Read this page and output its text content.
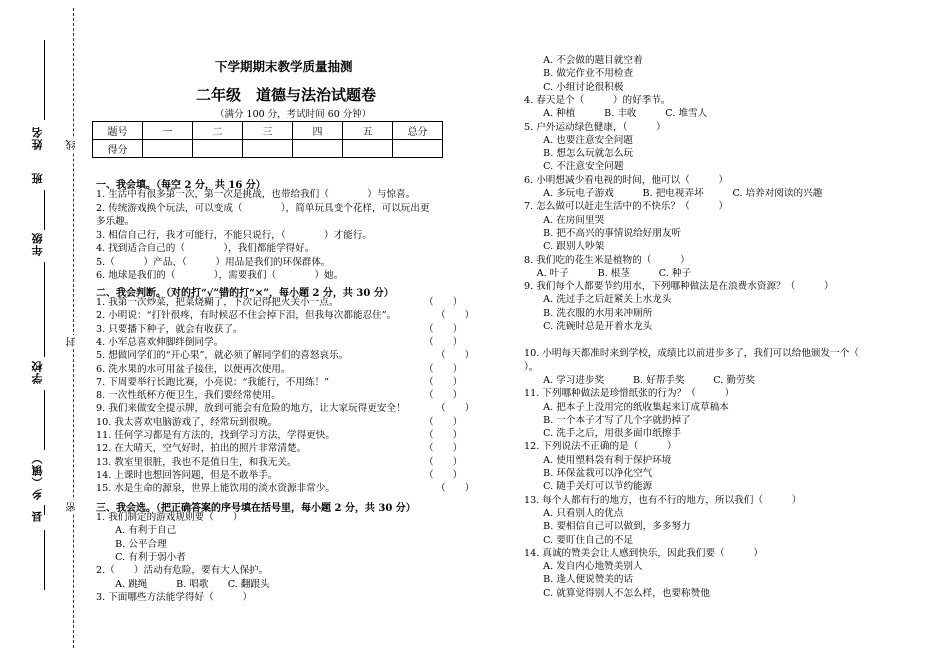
姓名
班
年级
学校
乡（镇）
县
线
封
密
下学期期末教学质量抽测
二年级　道德与法治试题卷
（满分 100 分，考试时间 60 分钟）
题号	一	二	三	四	五	总分
得分						
一、我会填。（每空 2 分，共 16 分）
1. 生活中有很多第一次，第一次是挑战，也带给我们（　　　　）与惊喜。
2. 传统游戏换个玩法，可以变成（　　　　），简单玩具变个花样，可以玩出更
多乐趣。
3. 相信自己行，我才可能行，不能只说行，（　　　　）才能行。
4. 找到适合自己的（　　　　），我们都能学得好。
5.（　　　）产品、（　　　）用品是我们的环保群体。
6. 地球是我们的（　　　　），需要我们（　　　　）她。
二、我会判断。（对的打“√”错的打“×”，每小题 2 分，共 30 分）
1. 我第一次炒菜，把菜烧糊了，下次记得把火关小一点。	（　　）
2. 小明说：“打针很疼，有时候忍不住会掉下泪，但我每次都能忍住”。	（　　）
3. 只要播下种子，就会有收获了。	（　　）
4. 小军总喜欢伸脚绊倒同学。	（　　）
5. 想做同学们的“开心果”，就必须了解同学们的喜怒哀乐。	（　　）
6. 洗水果的水可用盆子接住，以便再次使用。	（　　）
7. 下周要举行长跑比赛，小亮说：“我能行，不用练！”	（　　）
8. 一次性纸杯方便卫生，我们要经常使用。	（　　）
9. 我们来做安全提示牌，放到可能会有危险的地方，让大家玩得更安全！	（　　）
10. 我太喜欢电脑游戏了，经常玩到很晚。	（　　）
11. 任何学习都是有方法的，找到学习方法，学得更快。	（　　）
12. 在大晴天，空气好时，拍出的照片非常清楚。	（　　）
13. 教室里很脏，我也不是值日生，和我无关。	（　　）
14. 上课时也想回答问题，但是不敢举手。	（　　）
15. 水是生命的源泉，世界上能饮用的淡水资源非常少。	（　　）
三、我会选。（把正确答案的序号填在括号里，每小题 2 分，共 30 分）
1. 我们制定的游戏规则要（　　）
　　A. 有利于自己
　　B. 公平合理
　　C. 有利于弱小者
2.（　　）活动有危险，要有大人保护。
　　A. 跳绳　　　B. 唱歌　　C. 翻跟头
3. 下面哪些方法能学得好（　　　）
　　A. 不会做的题目就空着
　　B. 做完作业不用检查
　　C. 小组讨论很积极
4. 春天是个（　　　）的好季节。
　　A. 种植　　　B. 丰收　　　C. 堆雪人
5. 户外运动绿色健康，（　　　）
　　A. 也要注意安全问题
　　B. 想怎么玩就怎么玩
　　C. 不注意安全问题
6. 小明想减少看电视的时间，他可以（　　　）
　　A. 多玩电子游戏　　　B. 把电视弄坏　　　C. 培养对阅读的兴趣
7. 怎么做可以赶走生活中的不快乐？（　　　）
　　A. 在房间里哭
　　B. 把不高兴的事情说给好朋友听
　　C. 跟别人吵架
8. 我们吃的花生米是植物的（　　　）
　 A. 叶子　　　B. 根茎　　　C. 种子
9. 我们每个人都要节约用水，下列哪种做法是在浪费水资源？（　　　）
　　A. 洗过手之后赶紧关上水龙头
　　B. 洗衣服的水用来冲厕所
　　C. 洗碗时总是开着水龙头
10. 小明每天都准时来到学校，成绩比以前进步多了，我们可以给他颁发一个（
）。
　　A. 学习进步奖　　　B. 好帮手奖　　　C. 勤劳奖
11. 下列哪种做法是珍惜纸张的行为？（　　　）
　　A. 把本子上没用完的纸收集起来订成草稿本
　　B. 一个本子才写了几个字就扔掉了
　　C. 洗手之后，用很多面巾纸擦手
12. 下列说法不正确的是（　　　）
　　A. 使用塑料袋有利于保护环境
　　B. 环保盆栽可以净化空气
　　C. 随手关灯可以节约能源
13. 每个人都有行的地方，也有不行的地方，所以我们（　　　）
　　A. 只看别人的优点
　　B. 要相信自己可以做到，多多努力
　　C. 要盯住自己的不足
14. 真诚的赞美会让人感到快乐，因此我们要（　　　）
　　A. 发自内心地赞美别人
　　B. 逢人便说赞美的话
　　C. 就算觉得别人不怎么样，也要称赞他
